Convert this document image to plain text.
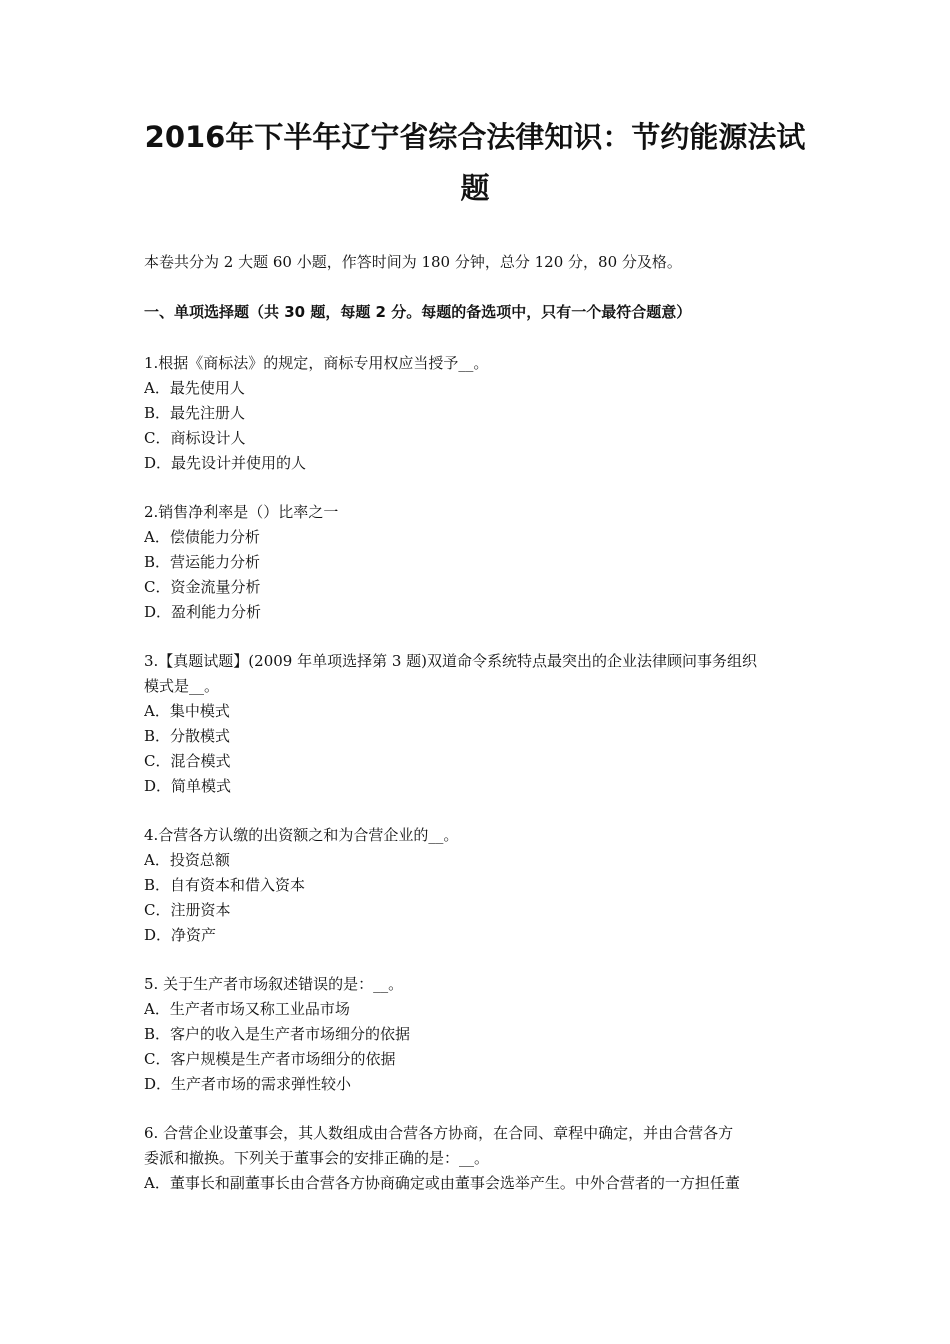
2016年下半年辽宁省综合法律知识：节约能源法试
题
本卷共分为 2 大题 60 小题，作答时间为 180 分钟，总分 120 分，80 分及格。
一、单项选择题（共 30 题，每题 2 分。每题的备选项中，只有一个最符合题意）
1.根据《商标法》的规定，商标专用权应当授予__。
A．最先使用人
B．最先注册人
C．商标设计人
D．最先设计并使用的人
2.销售净利率是（）比率之一
A．偿债能力分析
B．营运能力分析
C．资金流量分析
D．盈利能力分析
3.【真题试题】(2009 年单项选择第 3 题)双道命令系统特点最突出的企业法律顾问事务组织
模式是__。
A．集中模式
B．分散模式
C．混合模式
D．简单模式
4.合营各方认缴的出资额之和为合营企业的__。
A．投资总额
B．自有资本和借入资本
C．注册资本
D．净资产
5. 关于生产者市场叙述错误的是：__。
A．生产者市场又称工业品市场
B．客户的收入是生产者市场细分的依据
C．客户规模是生产者市场细分的依据
D．生产者市场的需求弹性较小
6. 合营企业设董事会，其人数组成由合营各方协商，在合同、章程中确定，并由合营各方
委派和撤换。下列关于董事会的安排正确的是：__。
A．董事长和副董事长由合营各方协商确定或由董事会选举产生。中外合营者的一方担任董
